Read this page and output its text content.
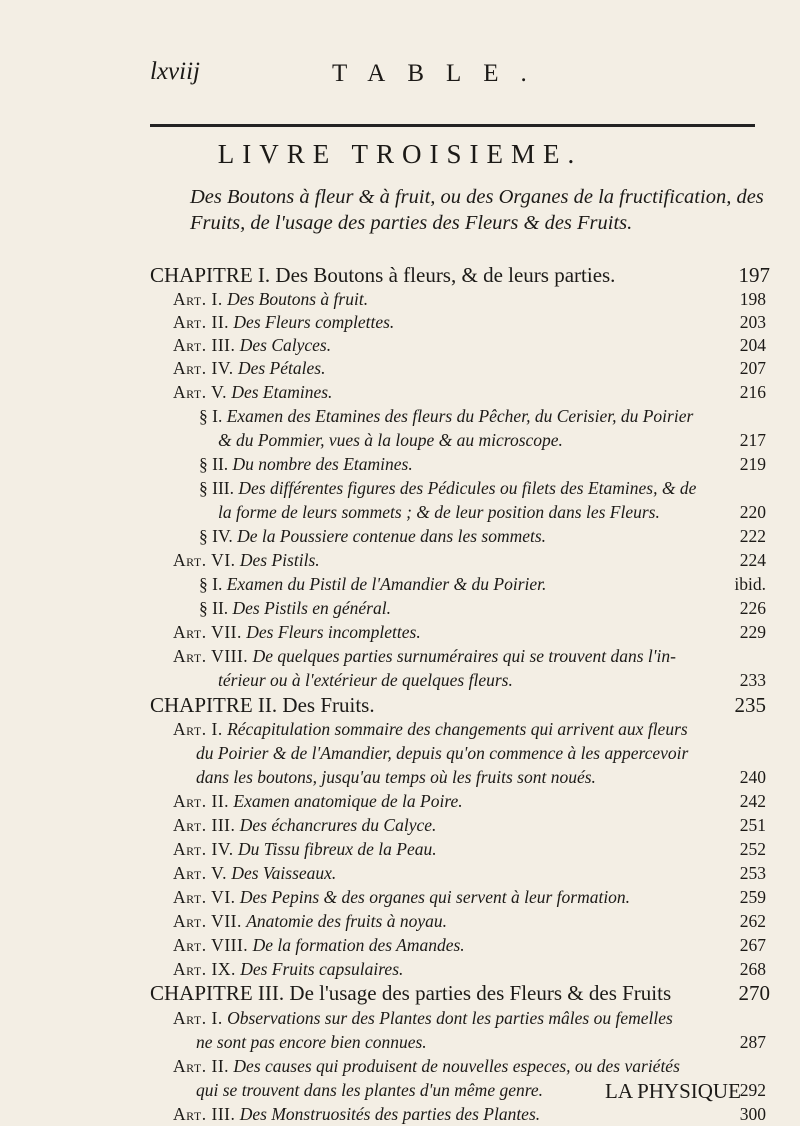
lxviij	TABLE.
LIVRE TROISIEME.
Des Boutons à fleur & à fruit, ou des Organes de la fructification, des Fruits, de l'usage des parties des Fleurs & des Fruits.
CHAPITRE I. Des Boutons à fleurs, & de leurs parties.	197
Art. I. Des Boutons à fruit.	198
Art. II. Des Fleurs complettes.	203
Art. III. Des Calyces.	204
Art. IV. Des Pétales.	207
Art. V. Des Etamines.	216
§ I. Examen des Etamines des fleurs du Pêcher, du Cerisier, du Poirier
& du Pommier, vues à la loupe & au microscope.	217
§ II. Du nombre des Etamines.	219
§ III. Des différentes figures des Pédicules ou filets des Etamines, & de
la forme de leurs sommets ; & de leur position dans les Fleurs.	220
§ IV. De la Poussiere contenue dans les sommets.	222
Art. VI. Des Pistils.	224
§ I. Examen du Pistil de l'Amandier & du Poirier.	ibid.
§ II. Des Pistils en général.	226
Art. VII. Des Fleurs incomplettes.	229
Art. VIII. De quelques parties surnuméraires qui se trouvent dans l'in-
térieur ou à l'extérieur de quelques fleurs.	233
CHAPITRE II. Des Fruits.	235
Art. I. Récapitulation sommaire des changements qui arrivent aux fleurs
du Poirier & de l'Amandier, depuis qu'on commence à les appercevoir
dans les boutons, jusqu'au temps où les fruits sont noués.	240
Art. II. Examen anatomique de la Poire.	242
Art. III. Des échancrures du Calyce.	251
Art. IV. Du Tissu fibreux de la Peau.	252
Art. V. Des Vaisseaux.	253
Art. VI. Des Pepins & des organes qui servent à leur formation.	259
Art. VII. Anatomie des fruits à noyau.	262
Art. VIII. De la formation des Amandes.	267
Art. IX. Des Fruits capsulaires.	268
CHAPITRE III. De l'usage des parties des Fleurs & des Fruits	270
Art. I. Observations sur des Plantes dont les parties mâles ou femelles
ne sont pas encore bien connues.	287
Art. II. Des causes qui produisent de nouvelles especes, ou des variétés
qui se trouvent dans les plantes d'un même genre.	292
Art. III. Des Monstruosités des parties des Plantes.	300
LA PHYSIQUE
